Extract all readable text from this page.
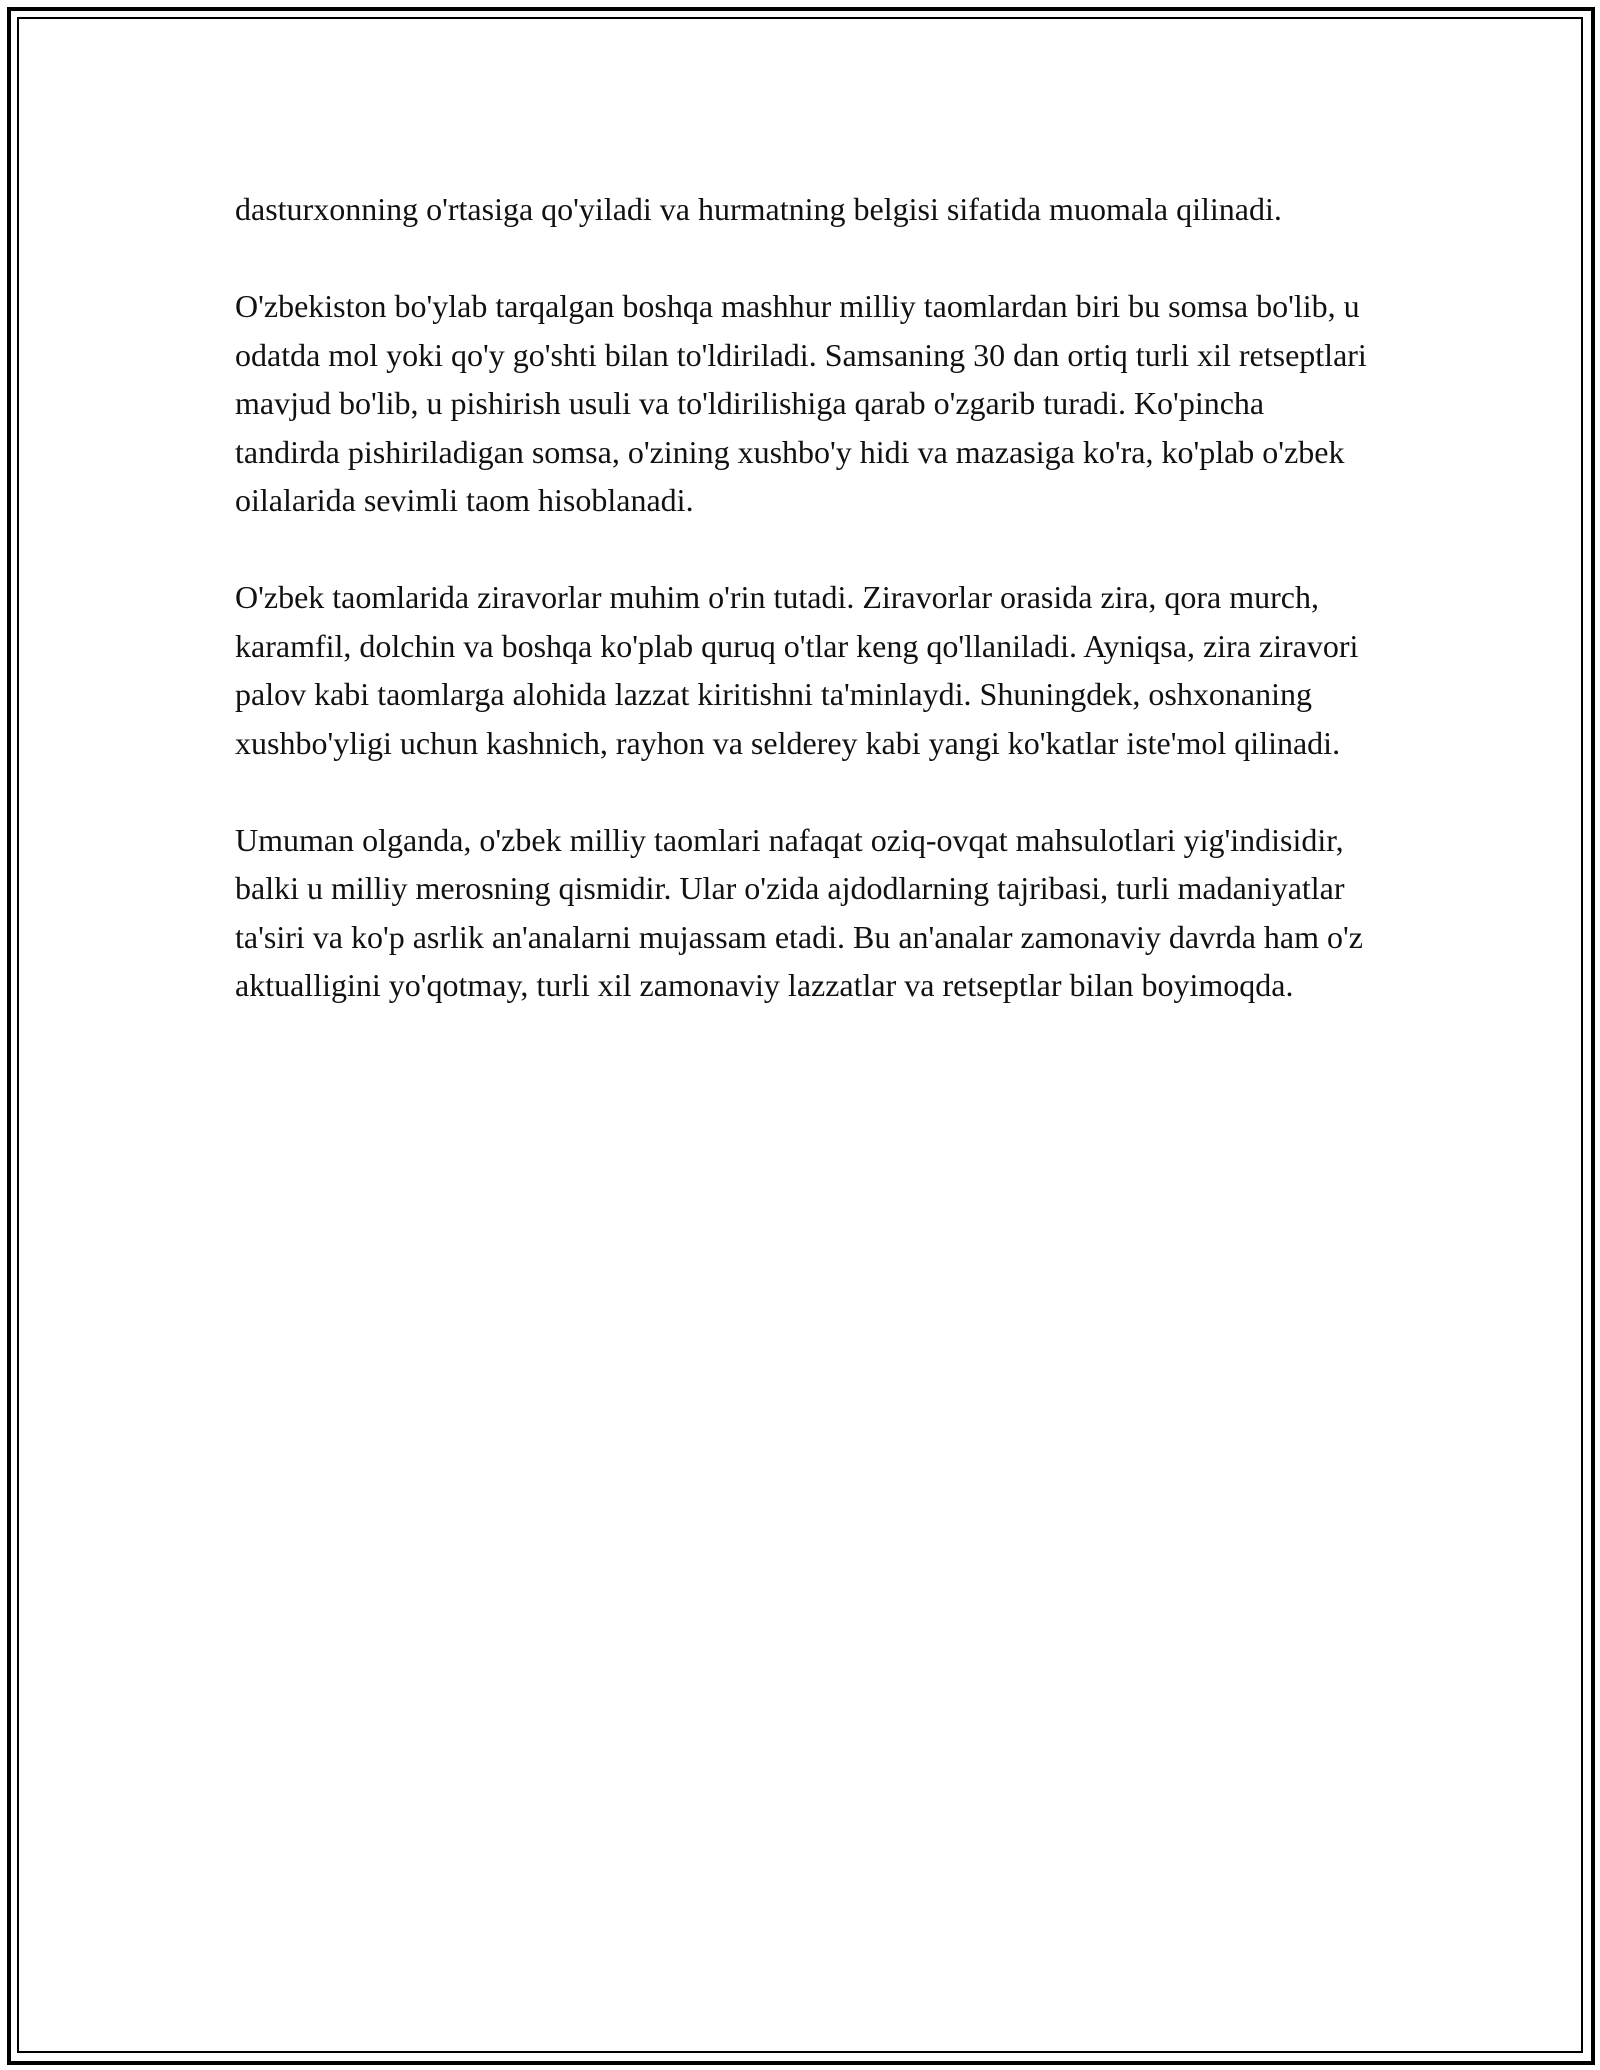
dasturxonning o'rtasiga qo'yiladi va hurmatning belgisi sifatida muomala qilinadi.

O'zbekiston bo'ylab tarqalgan boshqa mashhur milliy taomlardan biri bu somsa bo'lib, u odatda mol yoki qo'y go'shti bilan to'ldiriladi. Samsaning 30 dan ortiq turli xil retseptlari mavjud bo'lib, u pishirish usuli va to'ldirilishiga qarab o'zgarib turadi. Ko'pincha tandirda pishiriladigan somsa, o'zining xushbo'y hidi va mazasiga ko'ra, ko'plab o'zbek oilalarida sevimli taom hisoblanadi.

O'zbek taomlarida ziravorlar muhim o'rin tutadi. Ziravorlar orasida zira, qora murch, karamfil, dolchin va boshqa ko'plab quruq o'tlar keng qo'llaniladi. Ayniqsa, zira ziravori palov kabi taomlarga alohida lazzat kiritishni ta'minlaydi. Shuningdek, oshxonaning xushbo'yligi uchun kashnich, rayhon va selderey kabi yangi ko'katlar iste'mol qilinadi.

Umuman olganda, o'zbek milliy taomlari nafaqat oziq-ovqat mahsulotlari yig'indisidir, balki u milliy merosning qismidir. Ular o'zida ajdodlarning tajribasi, turli madaniyatlar ta'siri va ko'p asrlik an'analarni mujassam etadi. Bu an'analar zamonaviy davrda ham o'z aktualligini yo'qotmay, turli xil zamonaviy lazzatlar va retseptlar bilan boyimoqda.
